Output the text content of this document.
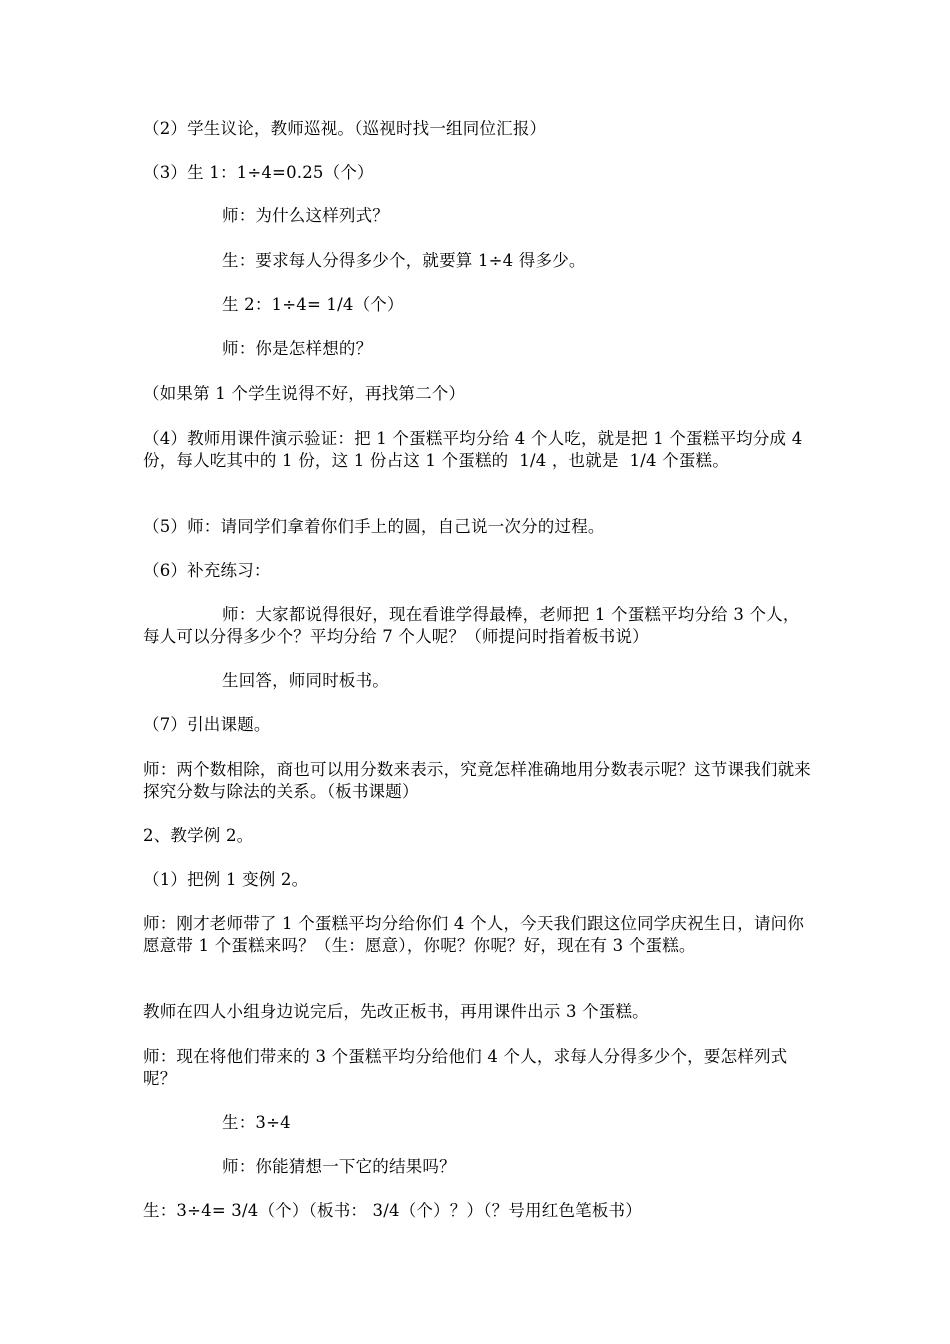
（2）学生议论，教师巡视。（巡视时找一组同位汇报）
（3）生 1：1÷4=0.25（个）
师：为什么这样列式？
生：要求每人分得多少个，就要算 1÷4 得多少。
生 2：1÷4= 1/4（个）
师：你是怎样想的？
（如果第 1 个学生说得不好，再找第二个）
（4）教师用课件演示验证：把 1 个蛋糕平均分给 4 个人吃，就是把 1 个蛋糕平均分成 4 份，每人吃其中的 1 份，这 1 份占这 1 个蛋糕的  1/4 ，也就是  1/4 个蛋糕。
（5）师：请同学们拿着你们手上的圆，自己说一次分的过程。
（6）补充练习：
师：大家都说得很好，现在看谁学得最棒，老师把 1 个蛋糕平均分给 3 个人，每人可以分得多少个？平均分给 7 个人呢？（师提问时指着板书说）
生回答，师同时板书。
（7）引出课题。
师：两个数相除，商也可以用分数来表示，究竟怎样准确地用分数表示呢？这节课我们就来探究分数与除法的关系。（板书课题）
2、教学例 2。
（1）把例 1 变例 2。
师：刚才老师带了 1 个蛋糕平均分给你们 4 个人，今天我们跟这位同学庆祝生日，请问你愿意带 1 个蛋糕来吗？（生：愿意），你呢？你呢？好，现在有 3 个蛋糕。
教师在四人小组身边说完后，先改正板书，再用课件出示 3 个蛋糕。
师：现在将他们带来的 3 个蛋糕平均分给他们 4 个人，求每人分得多少个，要怎样列式呢？
生：3÷4
师：你能猜想一下它的结果吗？
生：3÷4= 3/4（个）（板书： 3/4（个）？）（？号用红色笔板书）
